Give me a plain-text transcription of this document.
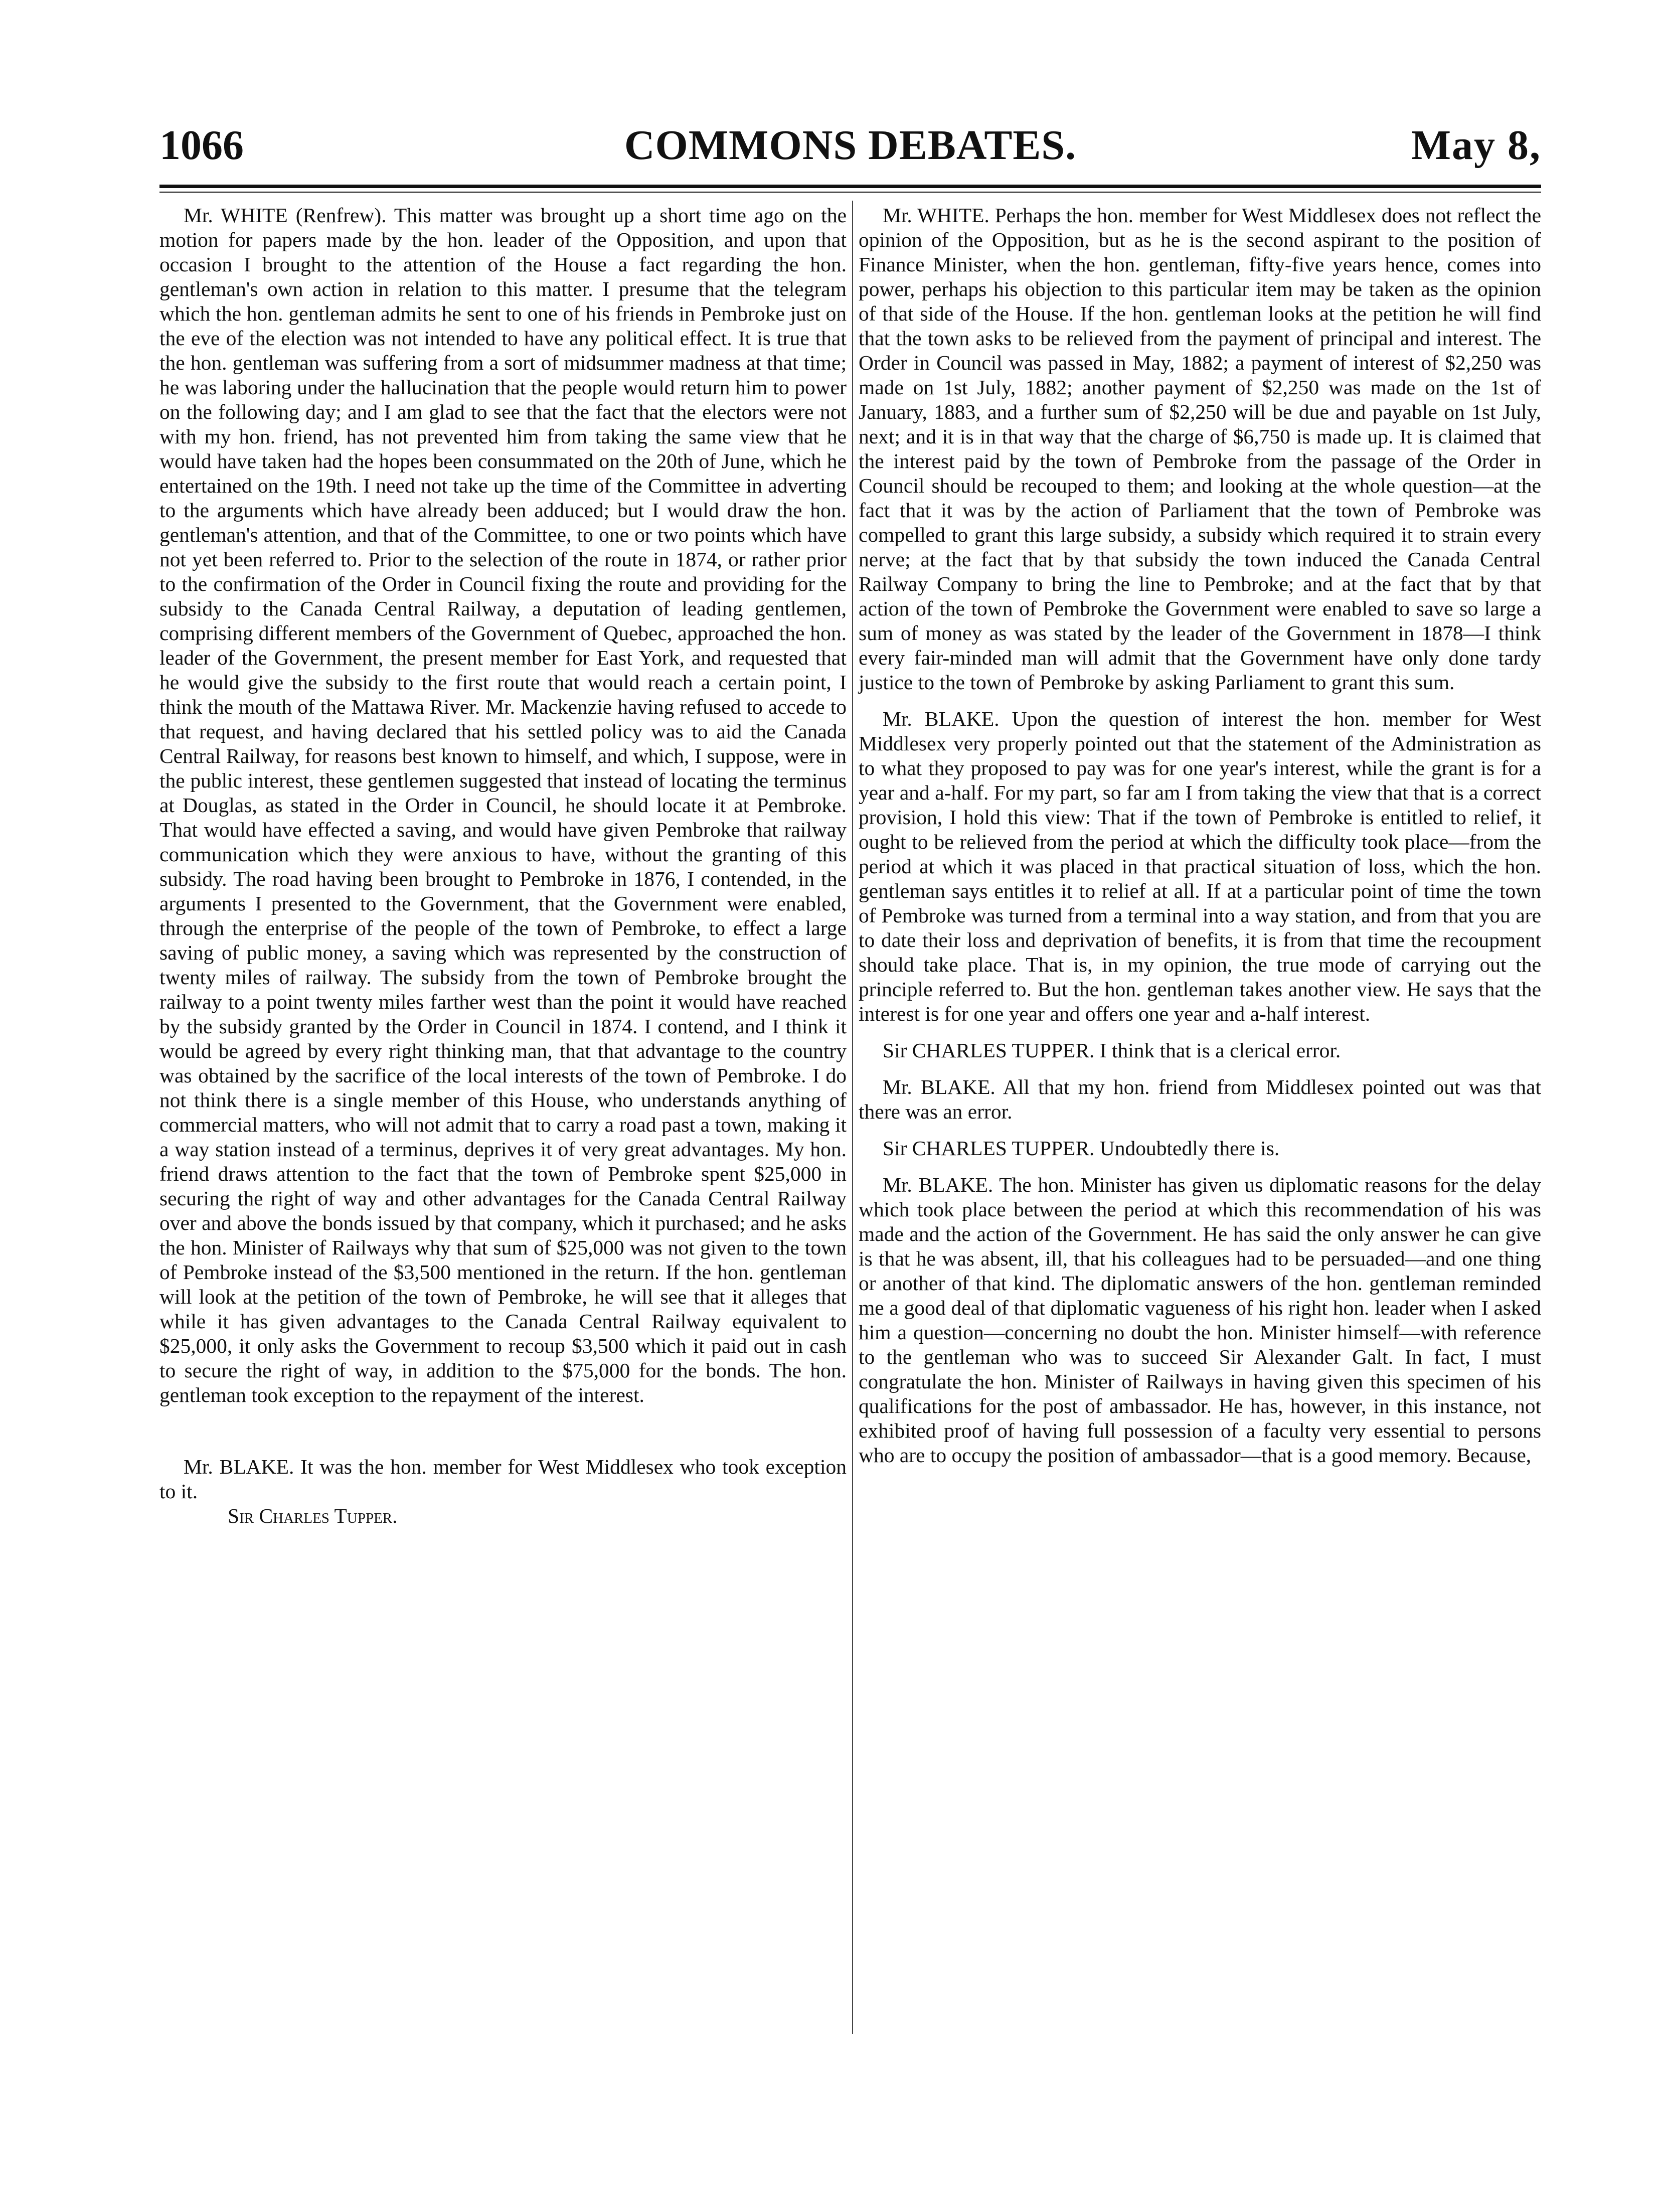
1066	COMMONS DEBATES.	May 8,

Mr. WHITE (Renfrew). This matter was brought up a short time ago on the motion for papers made by the hon. leader of the Opposition, and upon that occasion I brought to the attention of the House a fact regarding the hon. gentleman's own action in relation to this matter. I presume that the telegram which the hon. gentleman admits he sent to one of his friends in Pembroke just on the eve of the election was not intended to have any political effect. It is true that the hon. gentleman was suffering from a sort of midsummer madness at that time; he was laboring under the hallucination that the people would return him to power on the following day; and I am glad to see that the fact that the electors were not with my hon. friend, has not prevented him from taking the same view that he would have taken had the hopes been consummated on the 20th of June, which he entertained on the 19th. I need not take up the time of the Committee in adverting to the arguments which have already been adduced; but I would draw the hon. gentleman's attention, and that of the Committee, to one or two points which have not yet been referred to. Prior to the selection of the route in 1874, or rather prior to the confirmation of the Order in Council fixing the route and providing for the subsidy to the Canada Central Railway, a deputation of leading gentlemen, comprising different members of the Government of Quebec, approached the hon. leader of the Government, the present member for East York, and requested that he would give the subsidy to the first route that would reach a certain point, I think the mouth of the Mattawa River. Mr. Mackenzie having refused to accede to that request, and having declared that his settled policy was to aid the Canada Central Railway, for reasons best known to himself, and which, I suppose, were in the public interest, these gentlemen suggested that instead of locating the terminus at Douglas, as stated in the Order in Council, he should locate it at Pembroke. That would have effected a saving, and would have given Pembroke that railway communication which they were anxious to have, without the granting of this subsidy. The road having been brought to Pembroke in 1876, I contended, in the arguments I presented to the Government, that the Government were enabled, through the enterprise of the people of the town of Pembroke, to effect a large saving of public money, a saving which was represented by the construction of twenty miles of railway. The subsidy from the town of Pembroke brought the railway to a point twenty miles farther west than the point it would have reached by the subsidy granted by the Order in Council in 1874. I contend, and I think it would be agreed by every right thinking man, that that advantage to the country was obtained by the sacrifice of the local interests of the town of Pembroke. I do not think there is a single member of this House, who understands anything of commercial matters, who will not admit that to carry a road past a town, making it a way station instead of a terminus, deprives it of very great advantages. My hon. friend draws attention to the fact that the town of Pembroke spent $25,000 in securing the right of way and other advantages for the Canada Central Railway over and above the bonds issued by that company, which it purchased; and he asks the hon. Minister of Railways why that sum of $25,000 was not given to the town of Pembroke instead of the $3,500 mentioned in the return. If the hon. gentleman will look at the petition of the town of Pembroke, he will see that it alleges that while it has given advantages to the Canada Central Railway equivalent to $25,000, it only asks the Government to recoup $3,500 which it paid out in cash to secure the right of way, in addition to the $75,000 for the bonds. The hon. gentleman took exception to the repayment of the interest.

Mr. BLAKE. It was the hon. member for West Middlesex who took exception to it.

Sir Charles Tupper.

Mr. WHITE. Perhaps the hon. member for West Middlesex does not reflect the opinion of the Opposition, but as he is the second aspirant to the position of Finance Minister, when the hon. gentleman, fifty-five years hence, comes into power, perhaps his objection to this particular item may be taken as the opinion of that side of the House. If the hon. gentleman looks at the petition he will find that the town asks to be relieved from the payment of principal and interest. The Order in Council was passed in May, 1882; a payment of interest of $2,250 was made on 1st July, 1882; another payment of $2,250 was made on the 1st of January, 1883, and a further sum of $2,250 will be due and payable on 1st July, next; and it is in that way that the charge of $6,750 is made up. It is claimed that the interest paid by the town of Pembroke from the passage of the Order in Council should be recouped to them; and looking at the whole question—at the fact that it was by the action of Parliament that the town of Pembroke was compelled to grant this large subsidy, a subsidy which required it to strain every nerve; at the fact that by that subsidy the town induced the Canada Central Railway Company to bring the line to Pembroke; and at the fact that by that action of the town of Pembroke the Government were enabled to save so large a sum of money as was stated by the leader of the Government in 1878—I think every fair-minded man will admit that the Government have only done tardy justice to the town of Pembroke by asking Parliament to grant this sum.

Mr. BLAKE. Upon the question of interest the hon. member for West Middlesex very properly pointed out that the statement of the Administration as to what they proposed to pay was for one year's interest, while the grant is for a year and a-half. For my part, so far am I from taking the view that that is a correct provision, I hold this view: That if the town of Pembroke is entitled to relief, it ought to be relieved from the period at which the difficulty took place—from the period at which it was placed in that practical situation of loss, which the hon. gentleman says entitles it to relief at all. If at a particular point of time the town of Pembroke was turned from a terminal into a way station, and from that you are to date their loss and deprivation of benefits, it is from that time the recoupment should take place. That is, in my opinion, the true mode of carrying out the principle referred to. But the hon. gentleman takes another view. He says that the interest is for one year and offers one year and a-half interest.

Sir CHARLES TUPPER. I think that is a clerical error.

Mr. BLAKE. All that my hon. friend from Middlesex pointed out was that there was an error.

Sir CHARLES TUPPER. Undoubtedly there is.

Mr. BLAKE. The hon. Minister has given us diplomatic reasons for the delay which took place between the period at which this recommendation of his was made and the action of the Government. He has said the only answer he can give is that he was absent, ill, that his colleagues had to be persuaded—and one thing or another of that kind. The diplomatic answers of the hon. gentleman reminded me a good deal of that diplomatic vagueness of his right hon. leader when I asked him a question—concerning no doubt the hon. Minister himself—with reference to the gentleman who was to succeed Sir Alexander Galt. In fact, I must congratulate the hon. Minister of Railways in having given this specimen of his qualifications for the post of ambassador. He has, however, in this instance, not exhibited proof of having full possession of a faculty very essential to persons who are to occupy the position of ambassador—that is a good memory. Because,
